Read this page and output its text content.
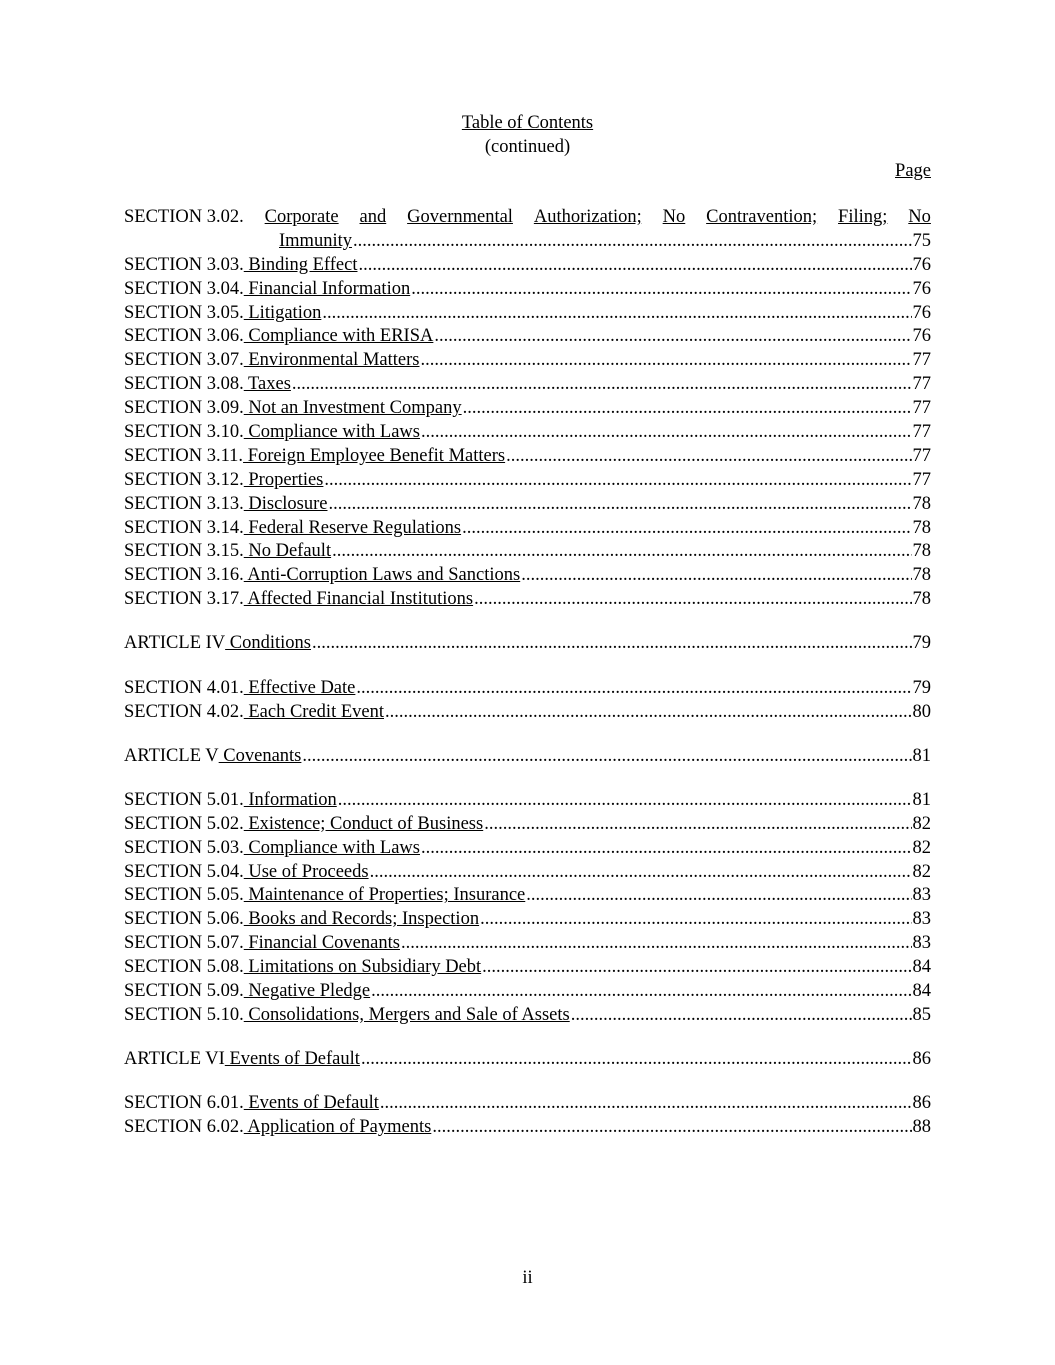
Table of Contents
(continued)
Page
SECTION 3.02. Corporate and Governmental Authorization; No Contravention; Filing; No
Immunity .....	75
SECTION 3.03. Binding Effect .....	76
SECTION 3.04. Financial Information .....	76
SECTION 3.05. Litigation .....	76
SECTION 3.06. Compliance with ERISA .....	76
SECTION 3.07. Environmental Matters .....	77
SECTION 3.08. Taxes .....	77
SECTION 3.09. Not an Investment Company .....	77
SECTION 3.10. Compliance with Laws .....	77
SECTION 3.11. Foreign Employee Benefit Matters .....	77
SECTION 3.12. Properties .....	77
SECTION 3.13. Disclosure .....	78
SECTION 3.14. Federal Reserve Regulations .....	78
SECTION 3.15. No Default .....	78
SECTION 3.16. Anti-Corruption Laws and Sanctions .....	78
SECTION 3.17. Affected Financial Institutions .....	78
ARTICLE IV Conditions .....	79
SECTION 4.01. Effective Date .....	79
SECTION 4.02. Each Credit Event .....	80
ARTICLE V Covenants .....	81
SECTION 5.01. Information .....	81
SECTION 5.02. Existence; Conduct of Business .....	82
SECTION 5.03. Compliance with Laws .....	82
SECTION 5.04. Use of Proceeds .....	82
SECTION 5.05. Maintenance of Properties; Insurance .....	83
SECTION 5.06. Books and Records; Inspection .....	83
SECTION 5.07. Financial Covenants .....	83
SECTION 5.08. Limitations on Subsidiary Debt .....	84
SECTION 5.09. Negative Pledge .....	84
SECTION 5.10. Consolidations, Mergers and Sale of Assets .....	85
ARTICLE VI Events of Default .....	86
SECTION 6.01. Events of Default .....	86
SECTION 6.02. Application of Payments .....	88
ii
